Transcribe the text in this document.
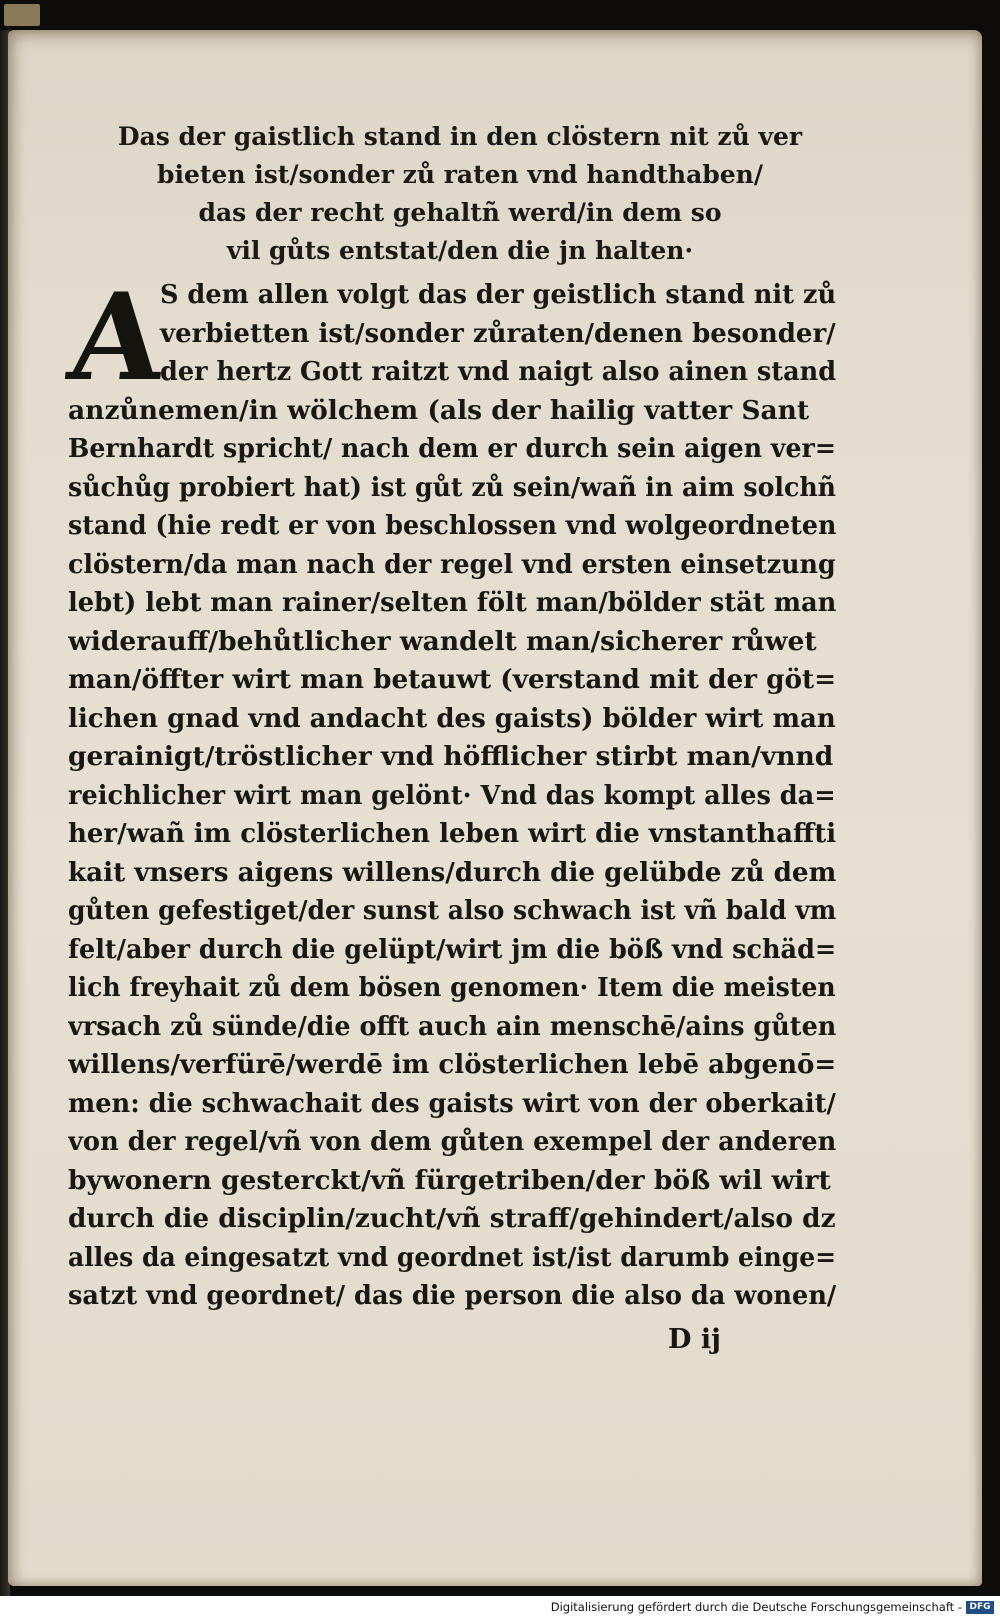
Das der gaistlich stand in den clöstern nit zů ver
bieten ist/sonder zů raten vnd handthaben/
das der recht gehaltñ werd/in dem so
vil gůts entstat/den die jn halten·
A
S dem allen volgt das der geistlich stand nit zů
verbietten ist/sonder zůraten/denen besonder/
der hertz Gott raitzt vnd naigt also ainen stand
anzůnemen/in wölchem (als der hailig vatter Sant
Bernhardt spricht/ nach dem er durch sein aigen ver=
sůchůg probiert hat) ist gůt zů sein/wañ in aim solchñ
stand (hie redt er von beschlossen vnd wolgeordneten
clöstern/da man nach der regel vnd ersten einsetzung
lebt) lebt man rainer/selten fölt man/bölder stät man
widerauff/behůtlicher wandelt man/sicherer růwet
man/öffter wirt man betauwt (verstand mit der göt=
lichen gnad vnd andacht des gaists) bölder wirt man
gerainigt/tröstlicher vnd höfflicher stirbt man/vnnd
reichlicher wirt man gelönt· Vnd das kompt alles da=
her/wañ im clösterlichen leben wirt die vnstanthaffti
kait vnsers aigens willens/durch die gelübde zů dem
gůten gefestiget/der sunst also schwach ist vñ bald vm
felt/aber durch die gelüpt/wirt jm die böß vnd schäd=
lich freyhait zů dem bösen genomen· Item die meisten
vrsach zů sünde/die offt auch ain menschē/ains gůten
willens/verfürē/werdē im clösterlichen lebē abgenō=
men: die schwachait des gaists wirt von der oberkait/
von der regel/vñ von dem gůten exempel der anderen
bywonern gesterckt/vñ fürgetriben/der böß wil wirt
durch die disciplin/zucht/vñ straff/gehindert/also dz
alles da eingesatzt vnd geordnet ist/ist darumb einge=
satzt vnd geordnet/ das die person die also da wonen/
D ij
Digitalisierung gefördert durch die Deutsche Forschungsgemeinschaft - DFG
